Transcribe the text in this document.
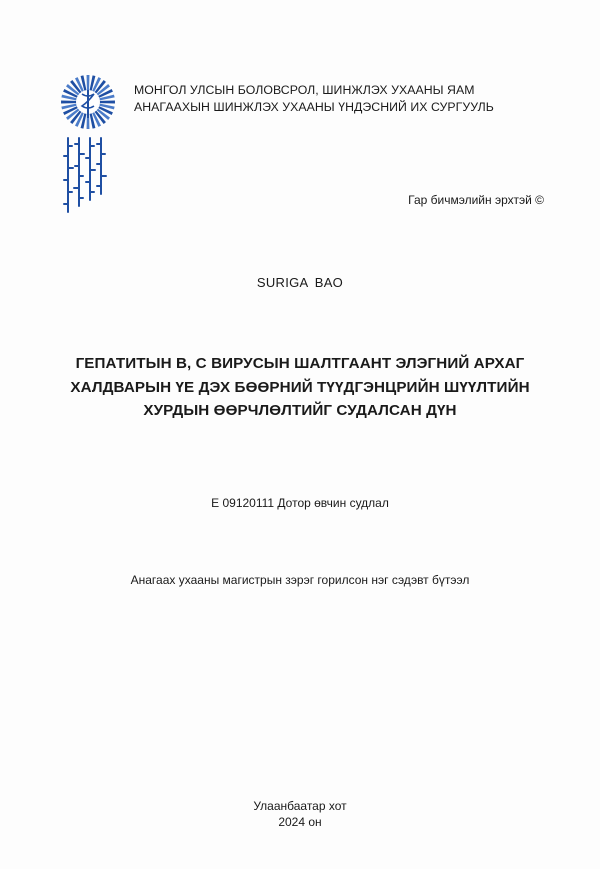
МОНГОЛ УЛСЫН БОЛОВСРОЛ, ШИНЖЛЭХ УХААНЫ ЯАМ
АНАГААХЫН ШИНЖЛЭХ УХААНЫ ҮНДЭСНИЙ ИХ СУРГУУЛЬ
Гар бичмэлийн эрхтэй ©
SURIGA BAO
ГЕПАТИТЫН B, C ВИРУСЫН ШАЛТГААНТ ЭЛЭГНИЙ АРХАГ
ХАЛДВАРЫН ҮЕ ДЭХ БӨӨРНИЙ ТҮҮДГЭНЦРИЙН ШҮҮЛТИЙН
ХУРДЫН ӨӨРЧЛӨЛТИЙГ СУДАЛСАН ДҮН
E 09120111 Дотор өвчин судлал
Анагаах ухааны магистрын зэрэг горилсон нэг сэдэвт бүтээл
Улаанбаатар хот
2024 он
